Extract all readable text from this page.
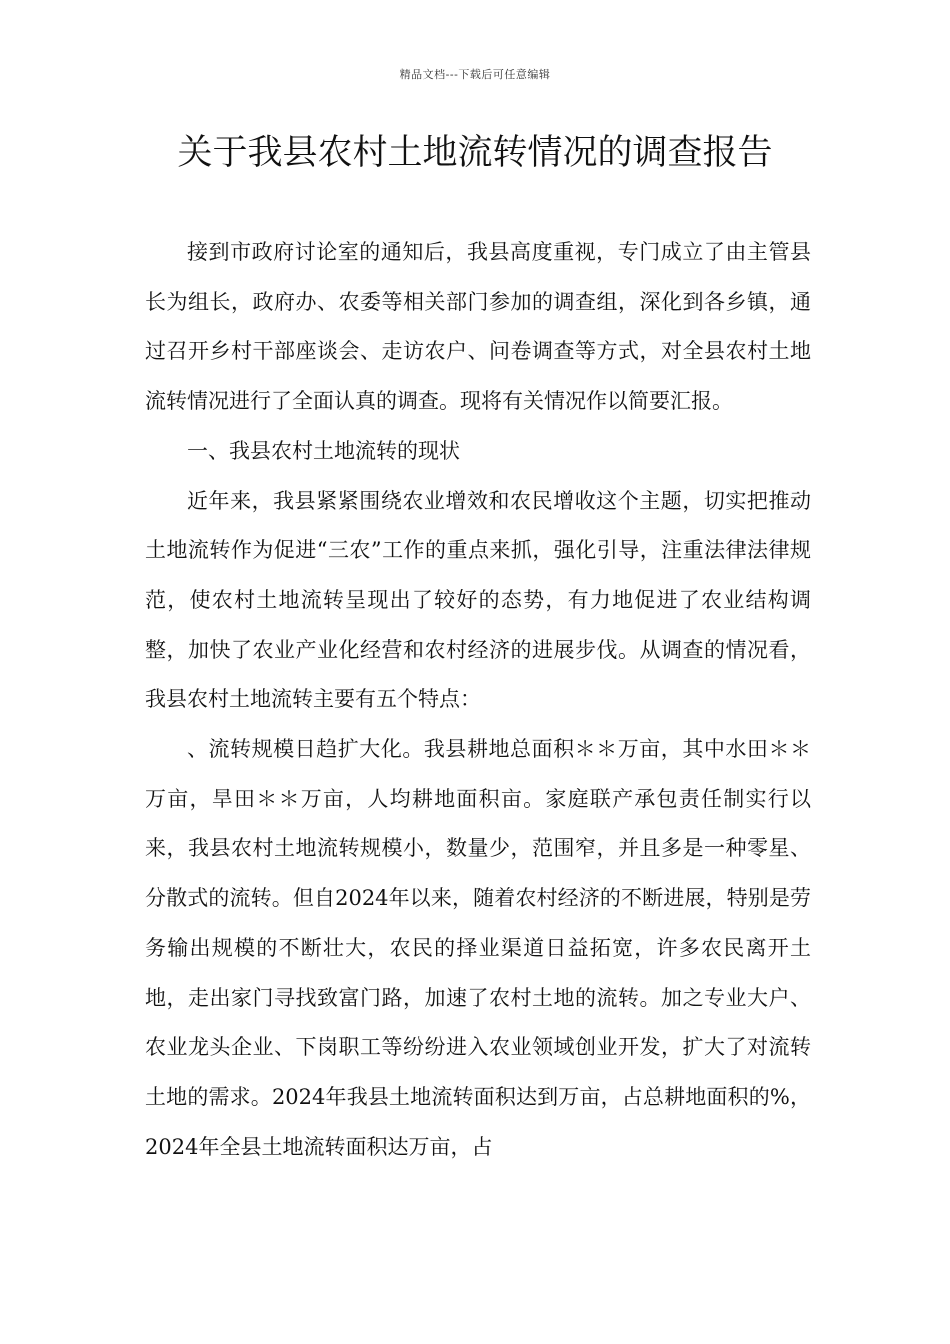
精品文档---下载后可任意编辑
关于我县农村土地流转情况的调查报告

接到市政府讨论室的通知后，我县高度重视，专门成立了由主管县长为组长，政府办、农委等相关部门参加的调查组，深化到各乡镇，通过召开乡村干部座谈会、走访农户、问卷调查等方式，对全县农村土地流转情况进行了全面认真的调查。现将有关情况作以简要汇报。

一、我县农村土地流转的现状

近年来，我县紧紧围绕农业增效和农民增收这个主题，切实把推动土地流转作为促进“三农”工作的重点来抓，强化引导，注重法律法律规范，使农村土地流转呈现出了较好的态势，有力地促进了农业结构调整，加快了农业产业化经营和农村经济的进展步伐。从调查的情况看，我县农村土地流转主要有五个特点：

、流转规模日趋扩大化。我县耕地总面积＊＊万亩，其中水田＊＊万亩，旱田＊＊万亩，人均耕地面积亩。家庭联产承包责任制实行以来，我县农村土地流转规模小，数量少，范围窄，并且多是一种零星、分散式的流转。但自2024年以来，随着农村经济的不断进展，特别是劳务输出规模的不断壮大，农民的择业渠道日益拓宽，许多农民离开土地，走出家门寻找致富门路，加速了农村土地的流转。加之专业大户、农业龙头企业、下岗职工等纷纷进入农业领域创业开发，扩大了对流转土地的需求。2024年我县土地流转面积达到万亩，占总耕地面积的%，2024年全县土地流转面积达万亩，占
